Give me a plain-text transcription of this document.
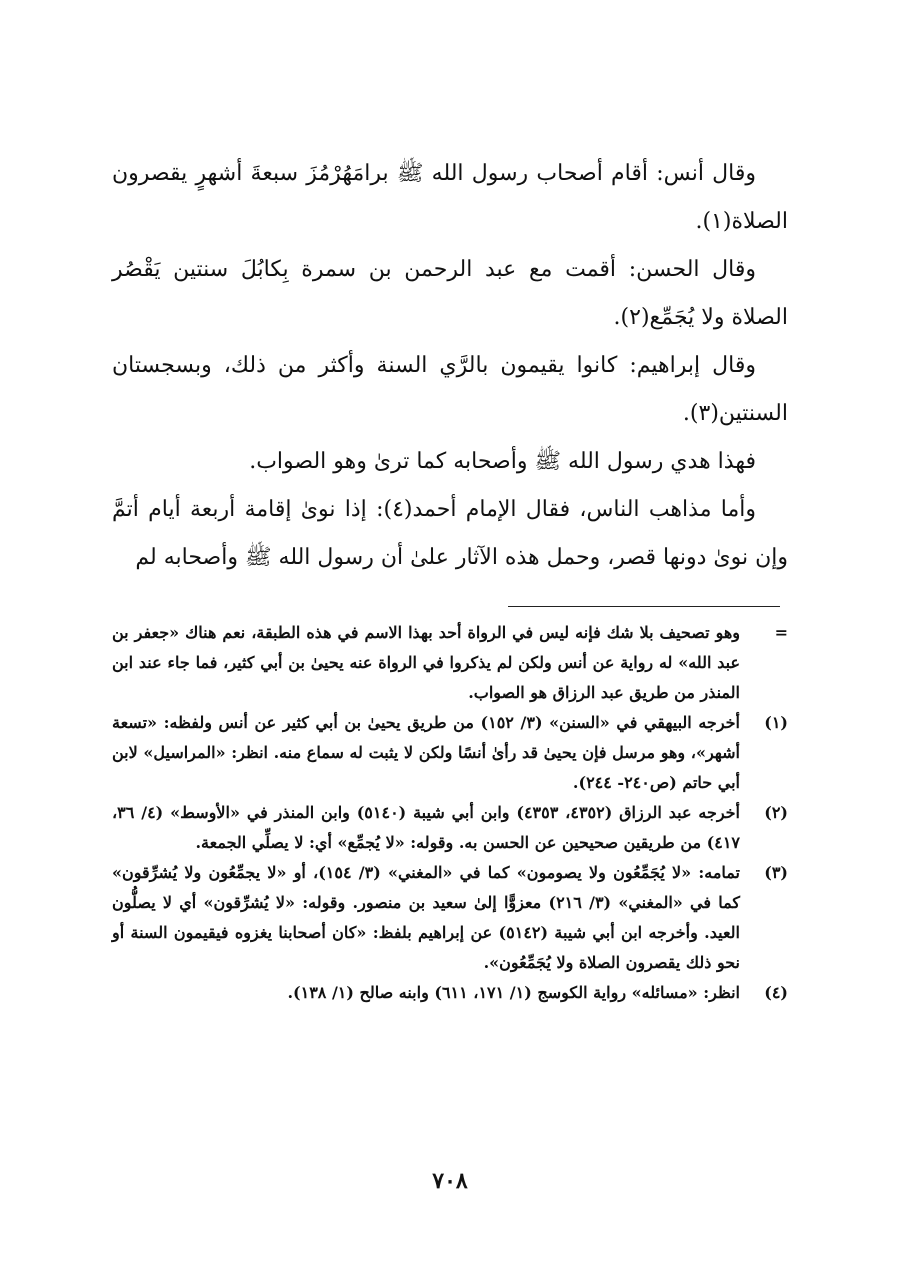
وقال أنس: أقام أصحاب رسول الله ﷺ برامَهُرْمُزَ سبعةَ أشهرٍ يقصرون الصلاة(١).

وقال الحسن: أقمت مع عبد الرحمن بن سمرة بِكابُلَ سنتين يَقْصُر الصلاة ولا يُجَمِّع(٢).

وقال إبراهيم: كانوا يقيمون بالرَّي السنة وأكثر من ذلك، وبسجستان السنتين(٣).

فهذا هدي رسول الله ﷺ وأصحابه كما ترىٰ وهو الصواب.

وأما مذاهب الناس، فقال الإمام أحمد(٤): إذا نوىٰ إقامة أربعة أيام أتمَّ وإن نوىٰ دونها قصر، وحمل هذه الآثار علىٰ أن رسول الله ﷺ وأصحابه لم

=
وهو تصحيف بلا شك فإنه ليس في الرواة أحد بهذا الاسم في هذه الطبقة، نعم هناك «جعفر بن عبد الله» له رواية عن أنس ولكن لم يذكروا في الرواة عنه يحيىٰ بن أبي كثير، فما جاء عند ابن المنذر من طريق عبد الرزاق هو الصواب.
(١)
أخرجه البيهقي في «السنن» (٣/ ١٥٢) من طريق يحيىٰ بن أبي كثير عن أنس ولفظه: «تسعة أشهر»، وهو مرسل فإن يحيىٰ قد رأىٰ أنسًا ولكن لا يثبت له سماع منه. انظر: «المراسيل» لابن أبي حاتم (ص٢٤٠- ٢٤٤).
(٢)
أخرجه عبد الرزاق (٤٣٥٢، ٤٣٥٣) وابن أبي شيبة (٥١٤٠) وابن المنذر في «الأوسط» (٤/ ٣٦، ٤١٧) من طريقين صحيحين عن الحسن به. وقوله: «لا يُجمِّع» أي: لا يصلِّي الجمعة.
(٣)
تمامه: «لا يُجَمِّعُون ولا يصومون» كما في «المغني» (٣/ ١٥٤)، أو «لا يجمِّعُون ولا يُشرِّقون» كما في «المغني» (٣/ ٢١٦) معزوًّا إلىٰ سعيد بن منصور. وقوله: «لا يُشرِّقون» أي لا يصلُّون العيد. وأخرجه ابن أبي شيبة (٥١٤٢) عن إبراهيم بلفظ: «كان أصحابنا يغزوه فيقيمون السنة أو نحو ذلك يقصرون الصلاة ولا يُجَمِّعُون».
(٤)
انظر: «مسائله» رواية الكوسج (١/ ١٧١، ٦١١) وابنه صالح (١/ ١٣٨).
٧٠٨
